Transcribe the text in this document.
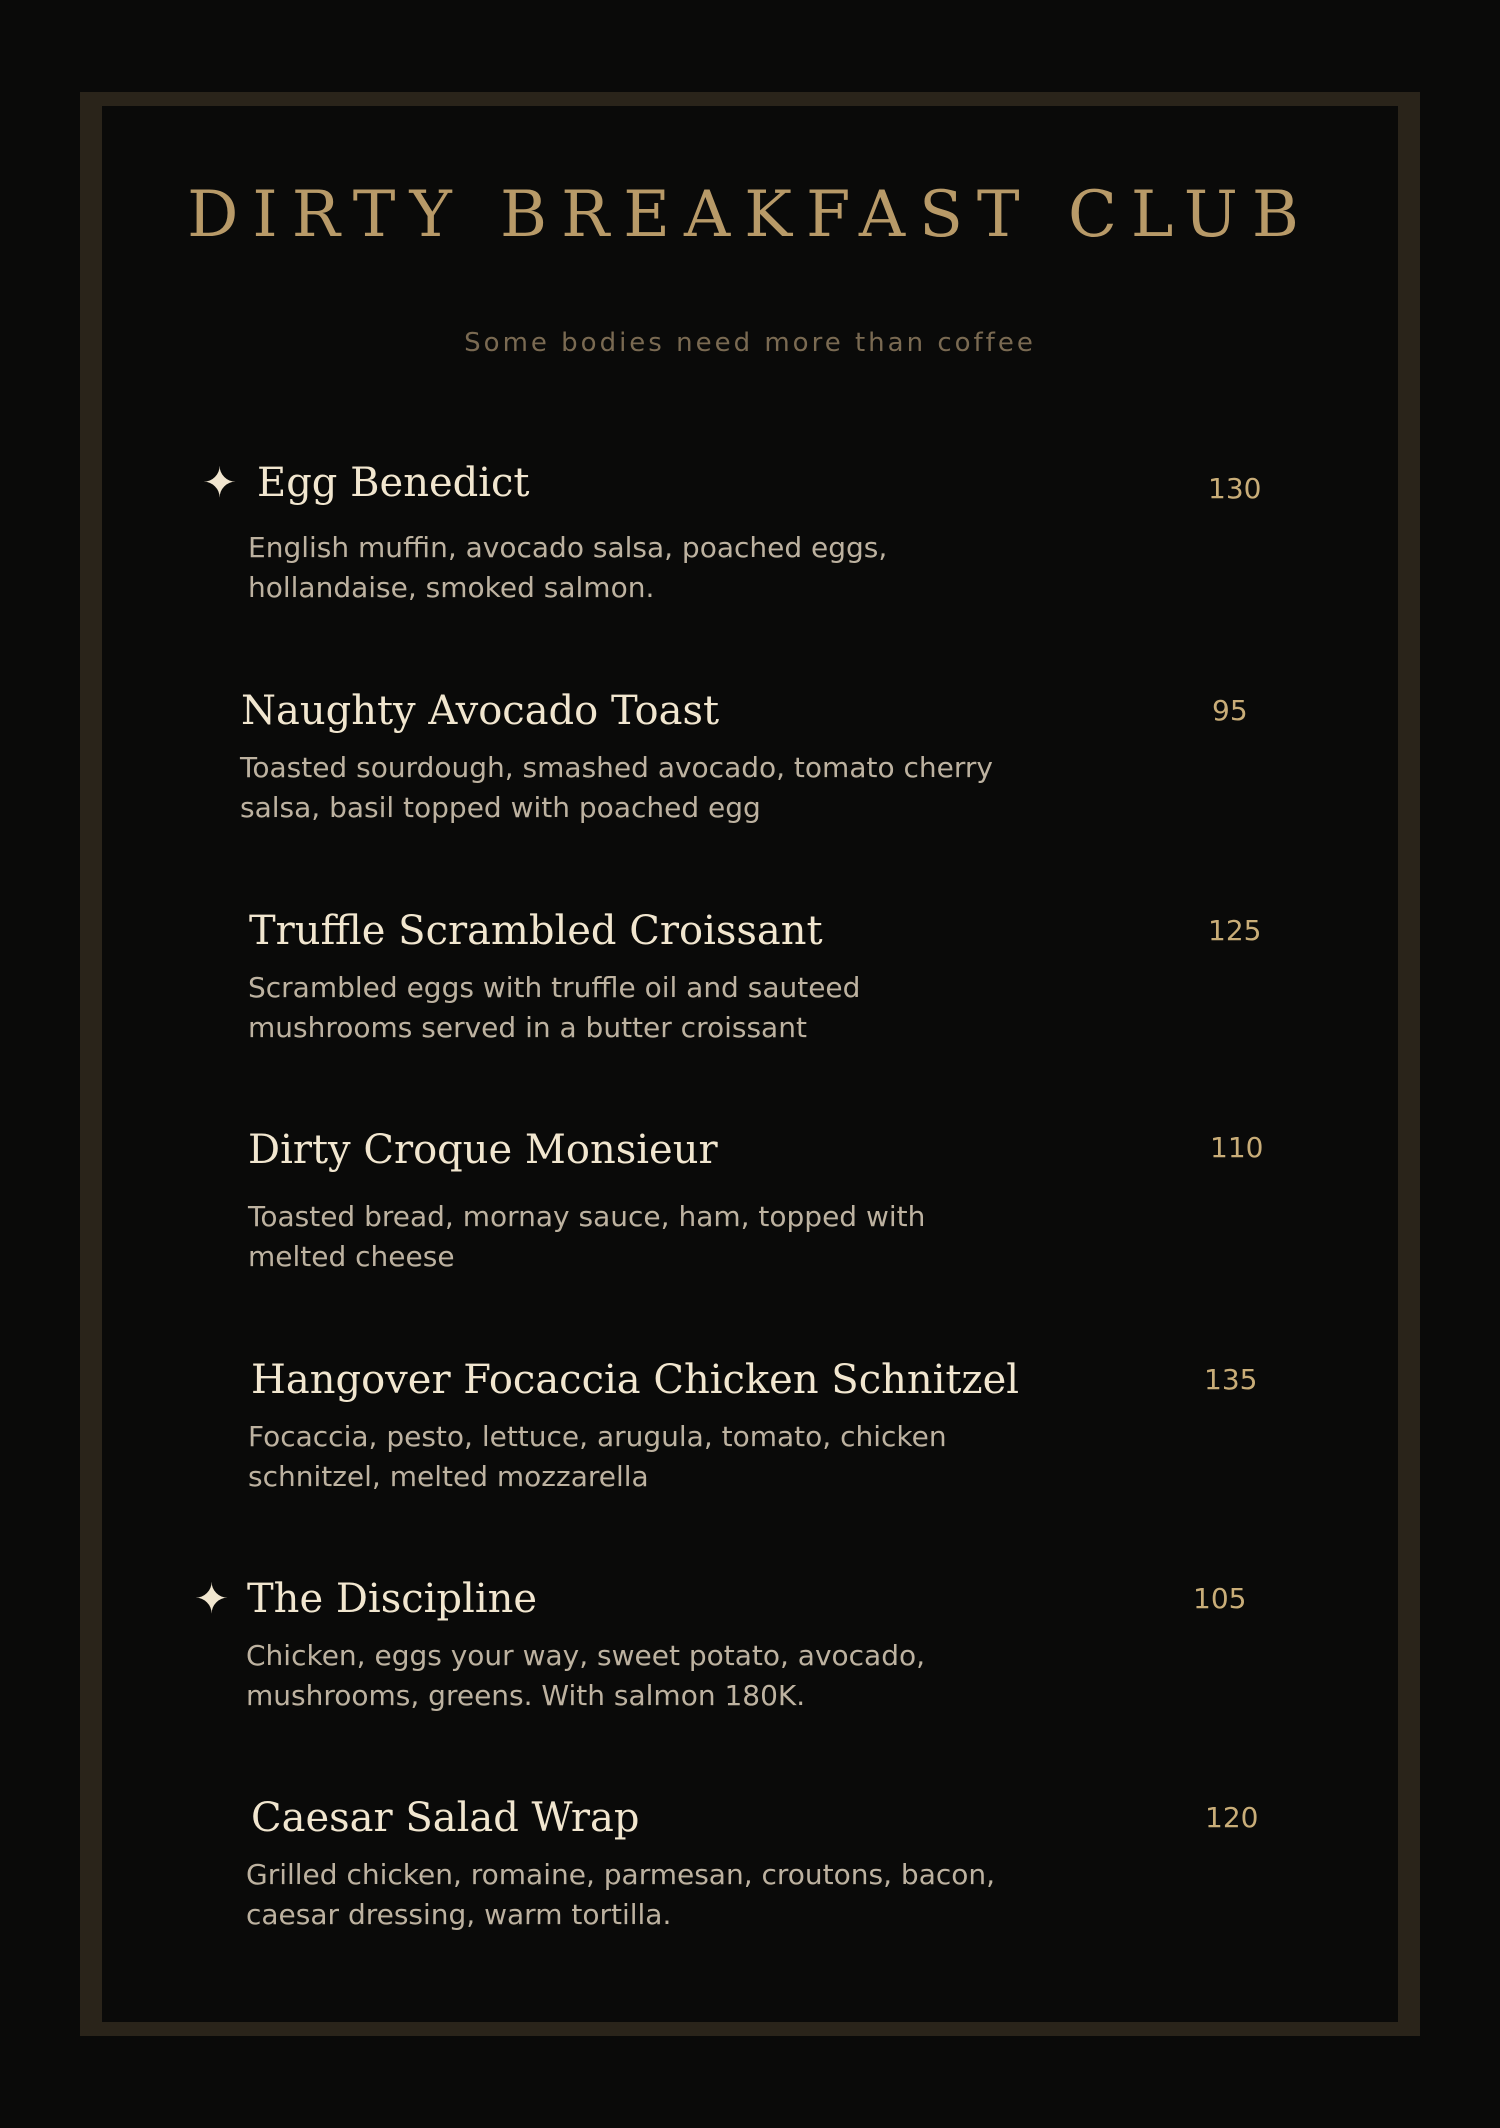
DIRTY BREAKFAST CLUB
Some bodies need more than coffee
✦ Egg Benedict
English muffin, avocado salsa, poached eggs, hollandaise, smoked salmon.
130
Naughty Avocado Toast
Toasted sourdough, smashed avocado, tomato cherry salsa, basil topped with poached egg
95
Truffle Scrambled Croissant
Scrambled eggs with truffle oil and sauteed mushrooms served in a butter croissant
125
Dirty Croque Monsieur
Toasted bread, mornay sauce, ham, topped with melted cheese
110
Hangover Focaccia Chicken Schnitzel
Focaccia, pesto, lettuce, arugula, tomato, chicken schnitzel, melted mozzarella
135
✦ The Discipline
Chicken, eggs your way, sweet potato, avocado, mushrooms, greens. With salmon 180K.
105
Caesar Salad Wrap
Grilled chicken, romaine, parmesan, croutons, bacon, caesar dressing, warm tortilla.
120
